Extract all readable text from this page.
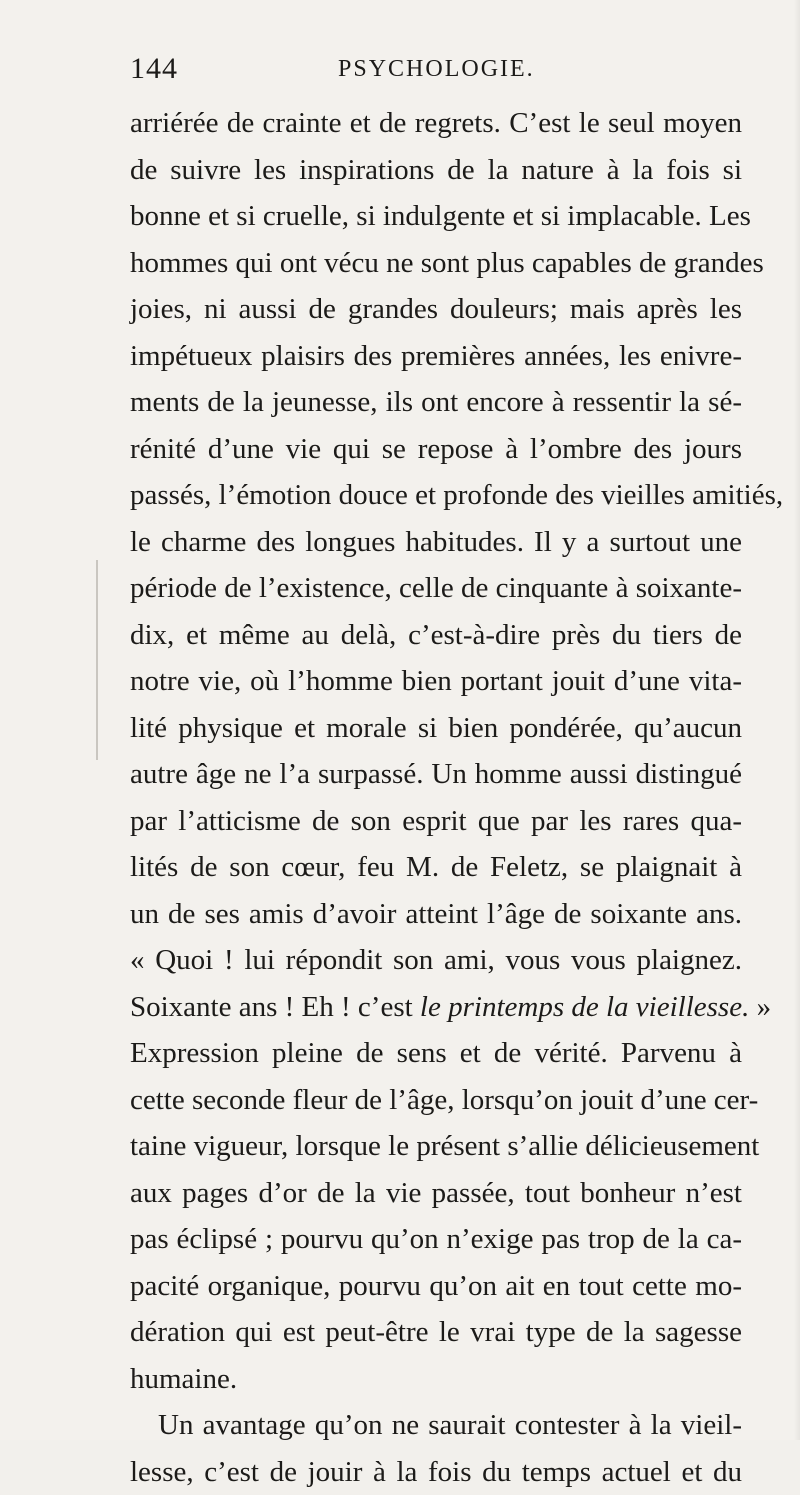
144	PSYCHOLOGIE.
arriérée de crainte et de regrets. C’est le seul moyen
de suivre les inspirations de la nature à la fois si
bonne et si cruelle, si indulgente et si implacable. Les
hommes qui ont vécu ne sont plus capables de grandes
joies, ni aussi de grandes douleurs; mais après les
impétueux plaisirs des premières années, les enivre-
ments de la jeunesse, ils ont encore à ressentir la sé-
rénité d’une vie qui se repose à l’ombre des jours
passés, l’émotion douce et profonde des vieilles amitiés,
le charme des longues habitudes. Il y a surtout une
période de l’existence, celle de cinquante à soixante-
dix, et même au delà, c’est-à-dire près du tiers de
notre vie, où l’homme bien portant jouit d’une vita-
lité physique et morale si bien pondérée, qu’aucun
autre âge ne l’a surpassé. Un homme aussi distingué
par l’atticisme de son esprit que par les rares qua-
lités de son cœur, feu M. de Feletz, se plaignait à
un de ses amis d’avoir atteint l’âge de soixante ans.
« Quoi ! lui répondit son ami, vous vous plaignez.
Soixante ans ! Eh ! c’est le printemps de la vieillesse. »
Expression pleine de sens et de vérité. Parvenu à
cette seconde fleur de l’âge, lorsqu’on jouit d’une cer-
taine vigueur, lorsque le présent s’allie délicieusement
aux pages d’or de la vie passée, tout bonheur n’est
pas éclipsé ; pourvu qu’on n’exige pas trop de la ca-
pacité organique, pourvu qu’on ait en tout cette mo-
dération qui est peut-être le vrai type de la sagesse
humaine.
Un avantage qu’on ne saurait contester à la vieil-
lesse, c’est de jouir à la fois du temps actuel et du
